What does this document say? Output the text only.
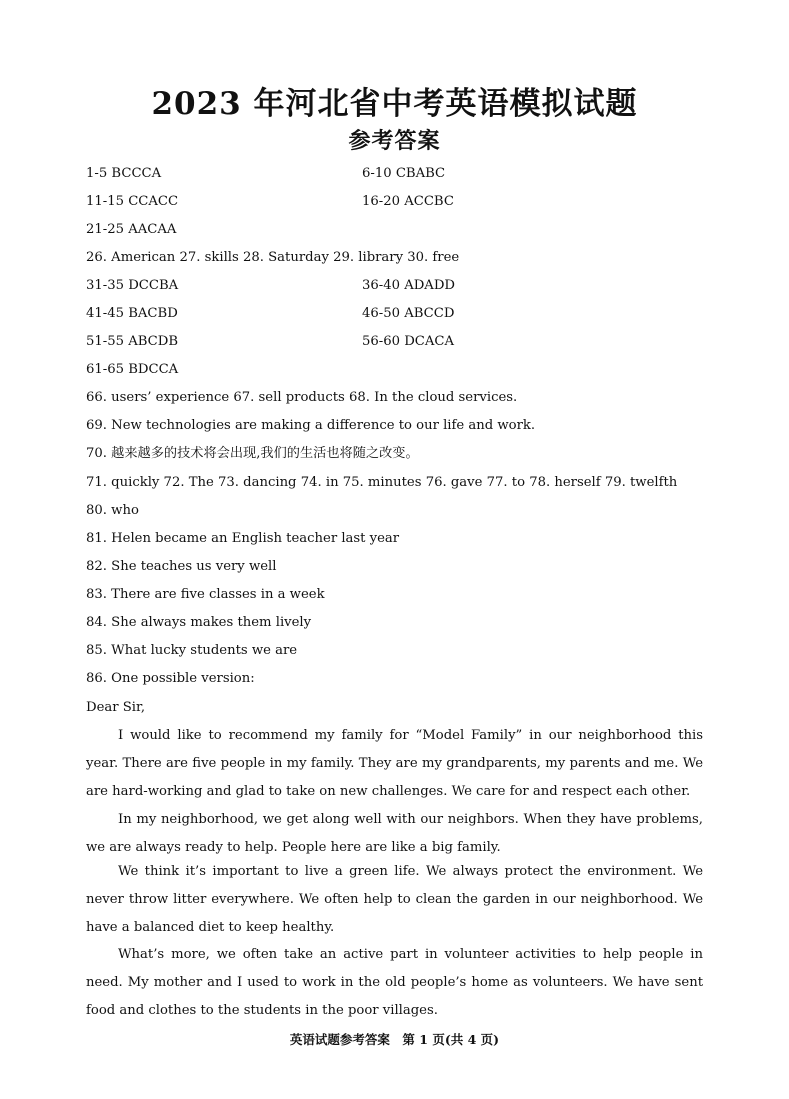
2023 年河北省中考英语模拟试题
参考答案
1-5 BCCCA	6-10 CBABC
11-15 CCACC	16-20 ACCBC
21-25 AACAA
26. American 27. skills 28. Saturday 29. library 30. free
31-35 DCCBA	36-40 ADADD
41-45 BACBD	46-50 ABCCD
51-55 ABCDB	56-60 DCACA
61-65 BDCCA
66. users’ experience 67. sell products 68. In the cloud services.
69. New technologies are making a difference to our life and work.
70. 越来越多的技术将会出现,我们的生活也将随之改变。
71. quickly 72. The 73. dancing 74. in 75. minutes 76. gave 77. to 78. herself 79. twelfth
80. who
81. Helen became an English teacher last year
82. She teaches us very well
83. There are five classes in a week
84. She always makes them lively
85. What lucky students we are
86. One possible version:
Dear Sir,
I would like to recommend my family for “Model Family” in our neighborhood this year. There are five people in my family. They are my grandparents, my parents and me. We are hard-working and glad to take on new challenges. We care for and respect each other.
In my neighborhood, we get along well with our neighbors. When they have problems, we are always ready to help. People here are like a big family.
We think it’s important to live a green life. We always protect the environment. We never throw litter everywhere. We often help to clean the garden in our neighborhood. We have a balanced diet to keep healthy.
What’s more, we often take an active part in volunteer activities to help people in need. My mother and I used to work in the old people’s home as volunteers. We have sent food and clothes to the students in the poor villages.
英语试题参考答案　第 1 页(共 4 页)
